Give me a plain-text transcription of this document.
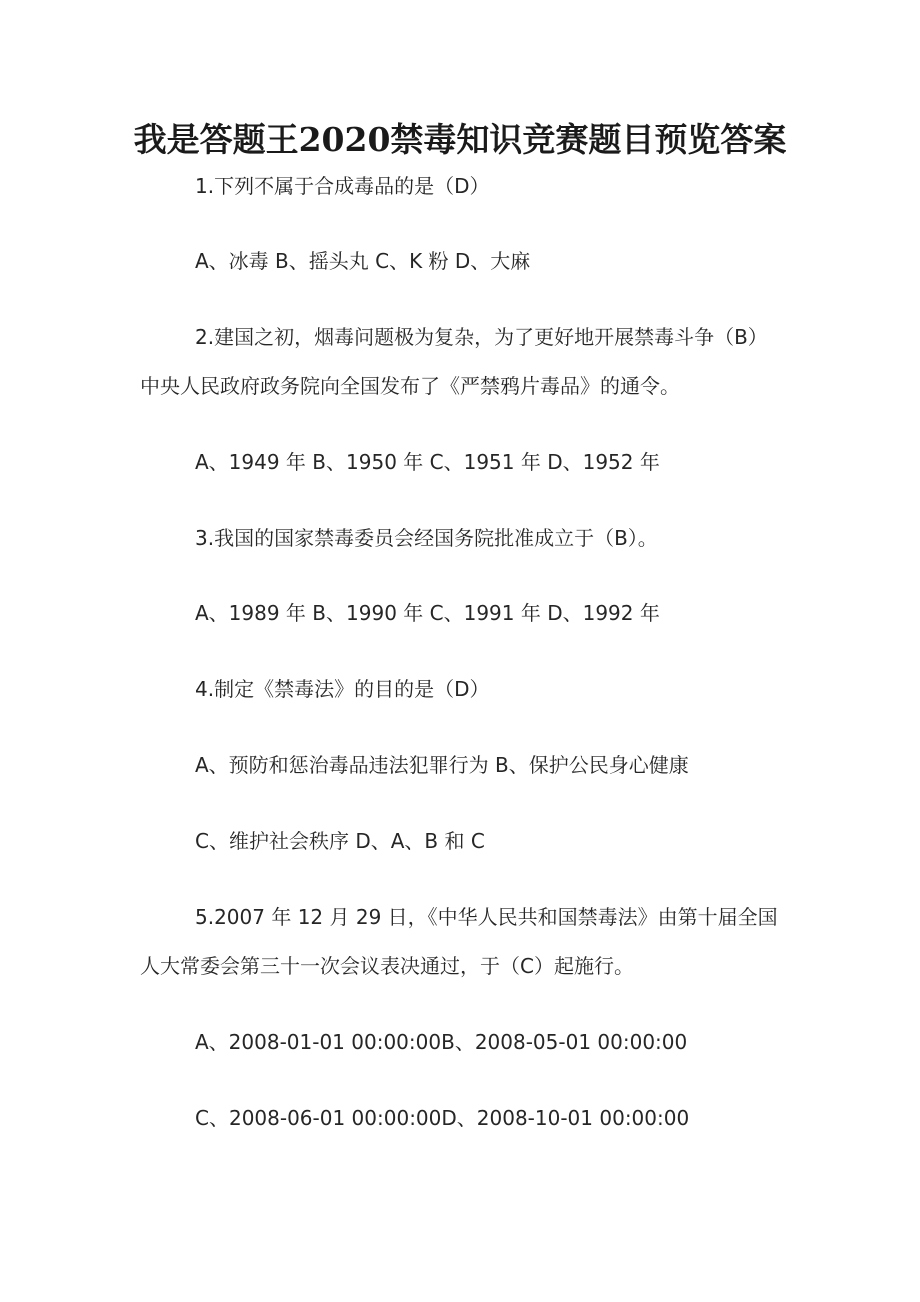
我是答题王2020禁毒知识竞赛题目预览答案
1.下列不属于合成毒品的是（D）
A、冰毒 B、摇头丸 C、K 粉 D、大麻
2.建国之初，烟毒问题极为复杂，为了更好地开展禁毒斗争（B）
中央人民政府政务院向全国发布了《严禁鸦片毒品》的通令。
A、1949 年 B、1950 年 C、1951 年 D、1952 年
3.我国的国家禁毒委员会经国务院批准成立于（B）。
A、1989 年 B、1990 年 C、1991 年 D、1992 年
4.制定《禁毒法》的目的是（D）
A、预防和惩治毒品违法犯罪行为 B、保护公民身心健康
C、维护社会秩序 D、A、B 和 C
5.2007 年 12 月 29 日，《中华人民共和国禁毒法》由第十届全国
人大常委会第三十一次会议表决通过，于（C）起施行。
A、2008-01-01 00:00:00B、2008-05-01 00:00:00
C、2008-06-01 00:00:00D、2008-10-01 00:00:00
